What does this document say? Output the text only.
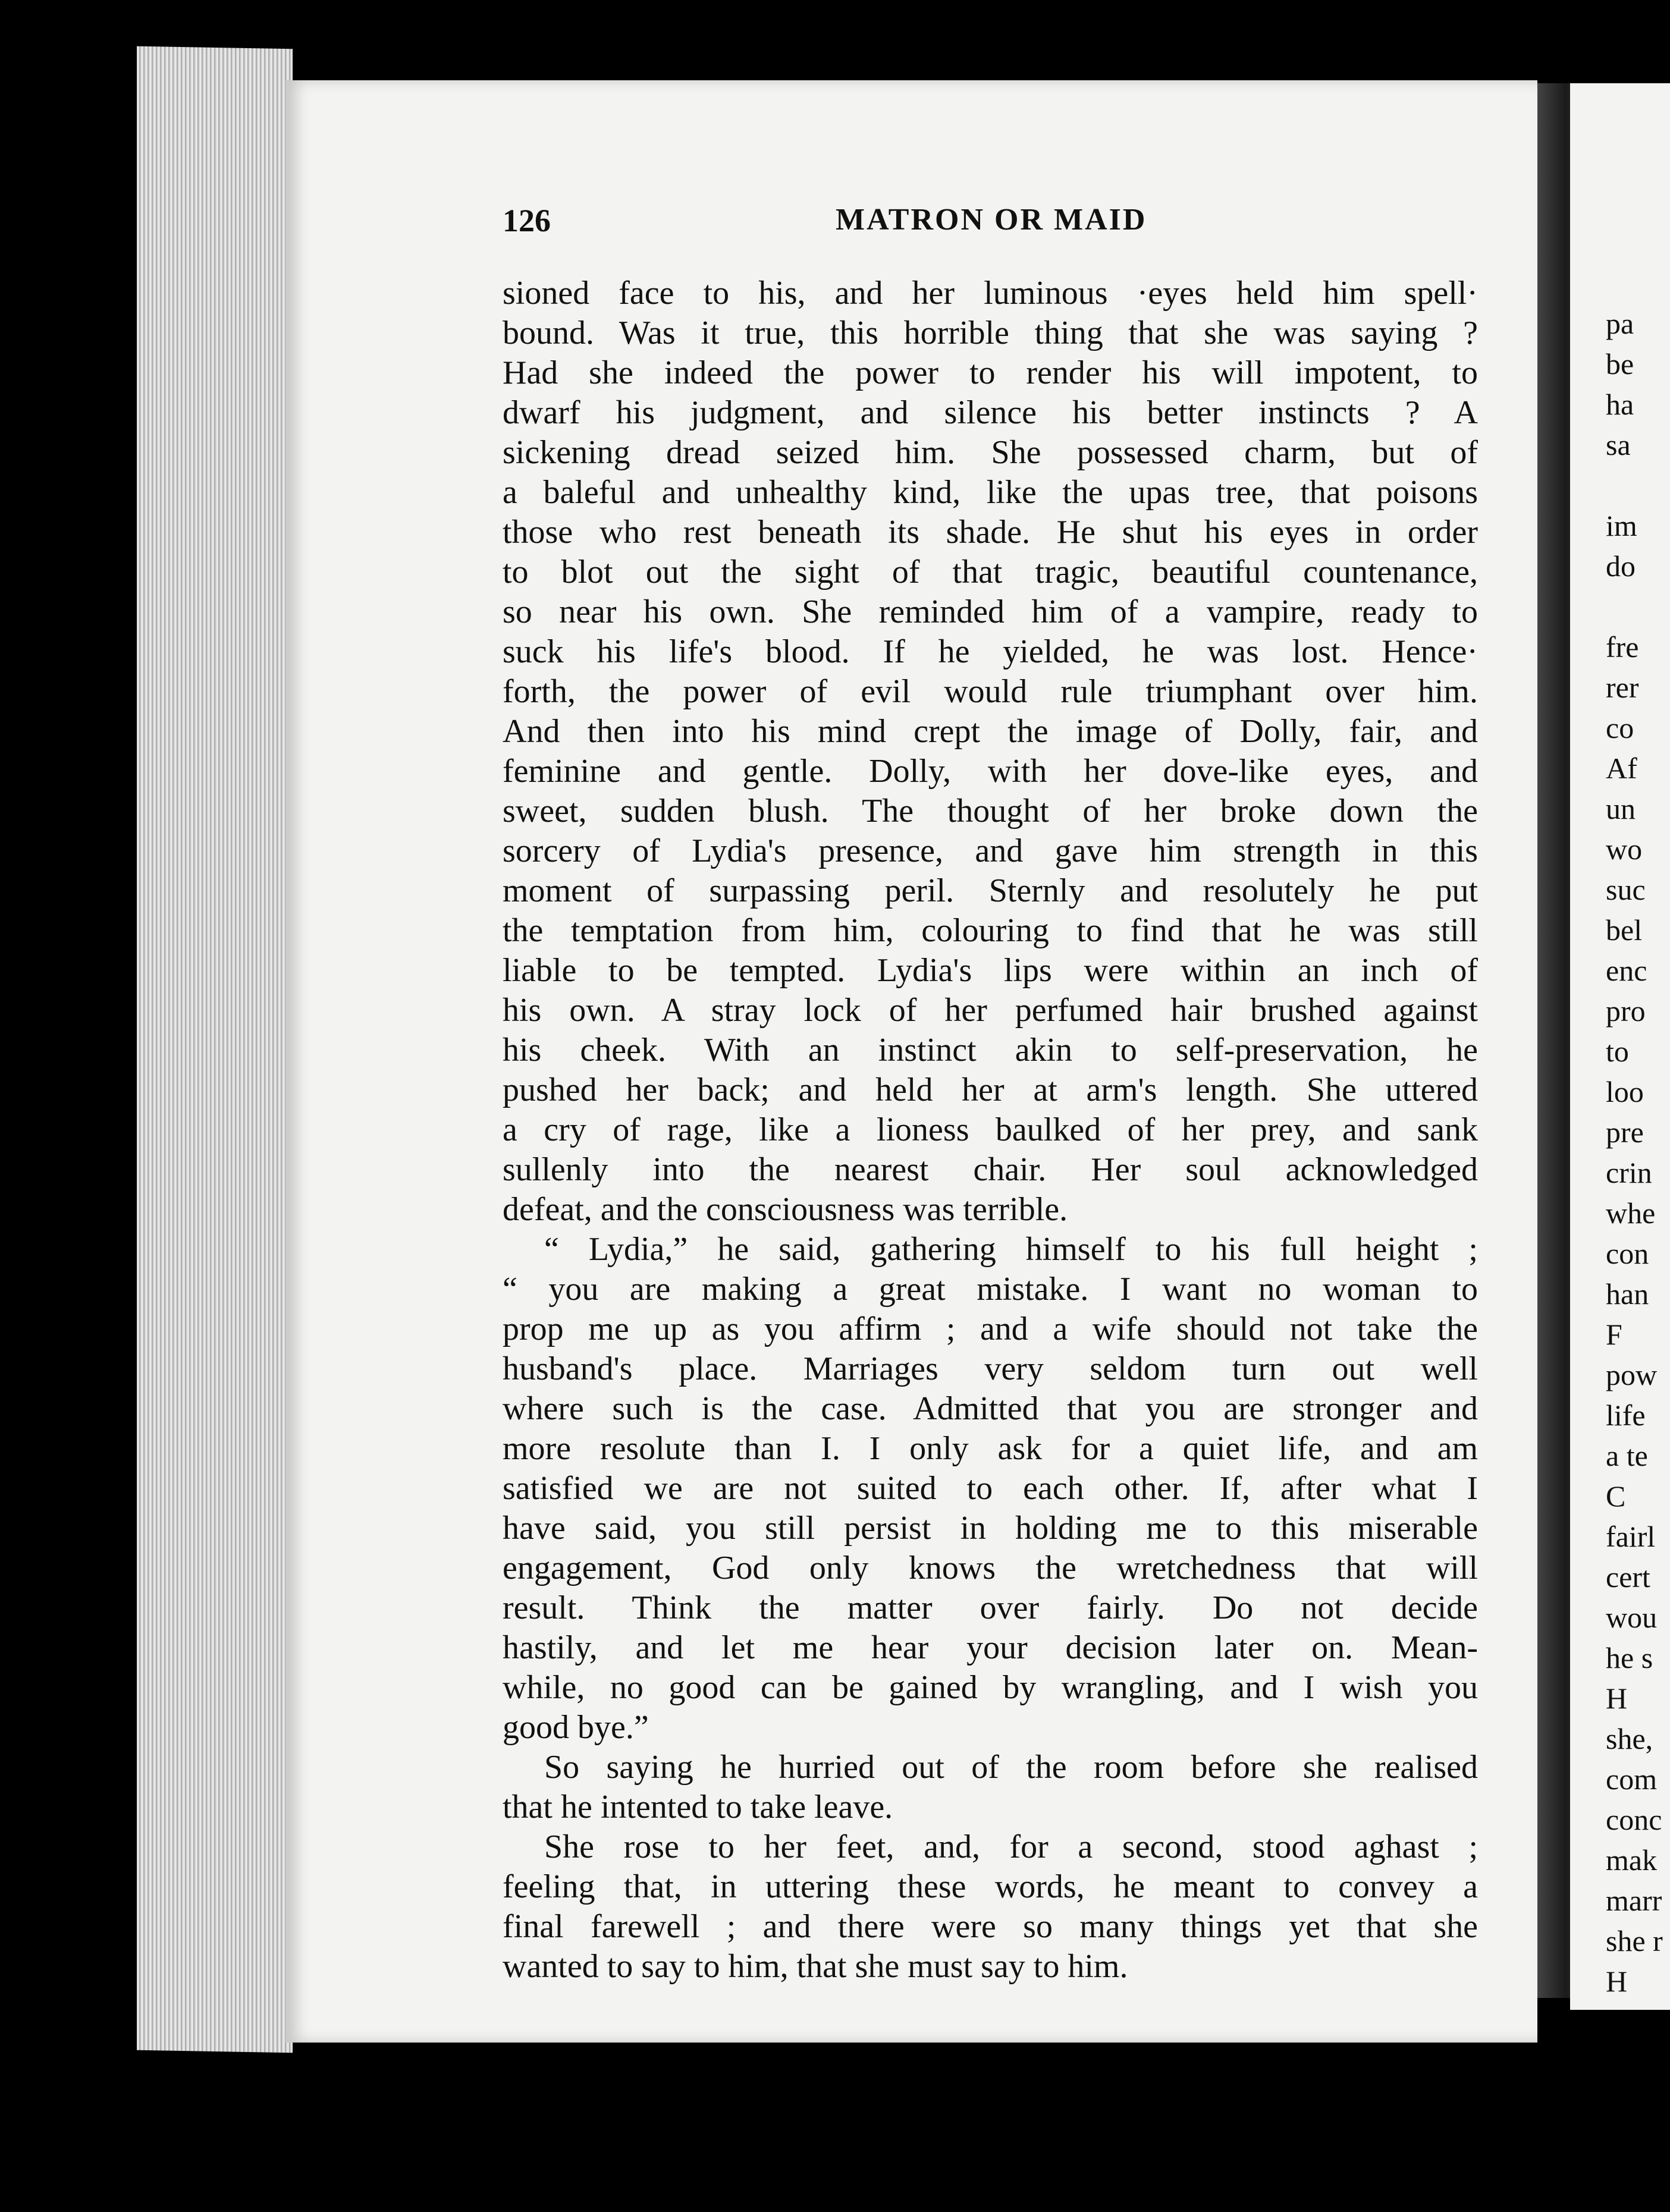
pa
be
ha
sa
im
do
fre
rer
co
Af
un
wo
suc
bel
enc
pro
to
loo
pre
crin
whe
con
han
F
pow
life
a te
C
fairl
cert
wou
he s
H
she,
com
conc
mak
marr
she r
H
126	MATRON OR MAID
sioned face to his, and her luminous ·eyes held him spell·
bound. Was it true, this horrible thing that she was saying ?
Had she indeed the power to render his will impotent, to
dwarf his judgment, and silence his better instincts ? A
sickening dread seized him. She possessed charm, but of
a baleful and unhealthy kind, like the upas tree, that poisons
those who rest beneath its shade. He shut his eyes in order
to blot out the sight of that tragic, beautiful countenance,
so near his own. She reminded him of a vampire, ready to
suck his life's blood. If he yielded, he was lost. Hence·
forth, the power of evil would rule triumphant over him.
And then into his mind crept the image of Dolly, fair, and
feminine and gentle. Dolly, with her dove-like eyes, and
sweet, sudden blush. The thought of her broke down the
sorcery of Lydia's presence, and gave him strength in this
moment of surpassing peril. Sternly and resolutely he put
the temptation from him, colouring to find that he was still
liable to be tempted. Lydia's lips were within an inch of
his own. A stray lock of her perfumed hair brushed against
his cheek. With an instinct akin to self-preservation, he
pushed her back; and held her at arm's length. She uttered
a cry of rage, like a lioness baulked of her prey, and sank
sullenly into the nearest chair. Her soul acknowledged
defeat, and the consciousness was terrible.
“ Lydia,” he said, gathering himself to his full height ;
“ you are making a great mistake. I want no woman to
prop me up as you affirm ; and a wife should not take the
husband's place. Marriages very seldom turn out well
where such is the case. Admitted that you are stronger and
more resolute than I. I only ask for a quiet life, and am
satisfied we are not suited to each other. If, after what I
have said, you still persist in holding me to this miserable
engagement, God only knows the wretchedness that will
result. Think the matter over fairly. Do not decide
hastily, and let me hear your decision later on. Mean-
while, no good can be gained by wrangling, and I wish you
good bye.”
So saying he hurried out of the room before she realised
that he intented to take leave.
She rose to her feet, and, for a second, stood aghast ;
feeling that, in uttering these words, he meant to convey a
final farewell ; and there were so many things yet that she
wanted to say to him, that she must say to him.
